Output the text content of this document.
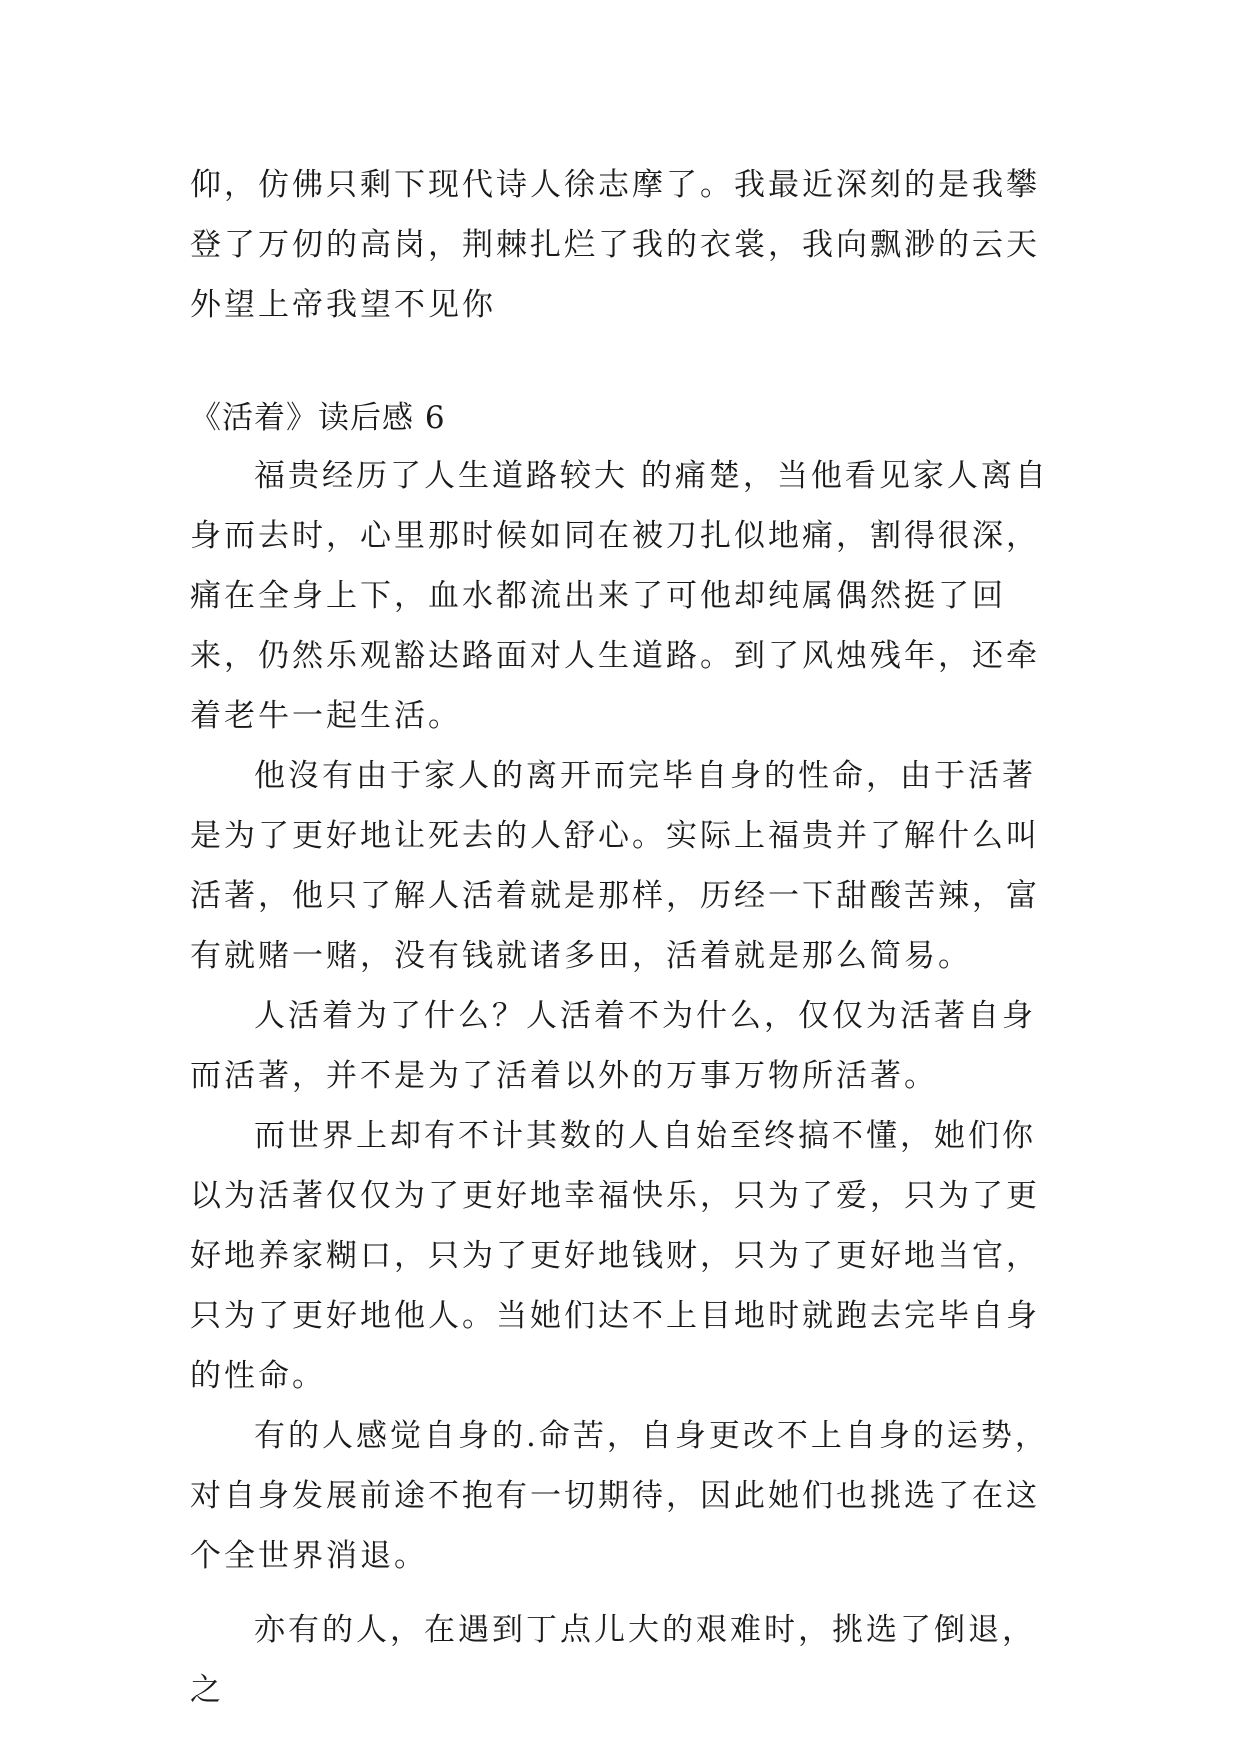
仰，仿佛只剩下现代诗人徐志摩了。我最近深刻的是我攀登了万仞的高岗，荆棘扎烂了我的衣裳，我向飘渺的云天外望上帝我望不见你

《活着》读后感 6

福贵经历了人生道路较大 的痛楚，当他看见家人离自身而去时，心里那时候如同在被刀扎似地痛，割得很深，痛在全身上下，血水都流出来了可他却纯属偶然挺了回来，仍然乐观豁达路面对人生道路。到了风烛残年，还牵着老牛一起生活。

他沒有由于家人的离开而完毕自身的性命，由于活著是为了更好地让死去的人舒心。实际上福贵并了解什么叫活著，他只了解人活着就是那样，历经一下甜酸苦辣，富有就赌一赌，没有钱就诸多田，活着就是那么简易。

人活着为了什么？人活着不为什么，仅仅为活著自身而活著，并不是为了活着以外的万事万物所活著。

而世界上却有不计其数的人自始至终搞不懂，她们你以为活著仅仅为了更好地幸福快乐，只为了爱，只为了更好地养家糊口，只为了更好地钱财，只为了更好地当官，只为了更好地他人。当她们达不上目地时就跑去完毕自身的性命。

有的人感觉自身的.命苦，自身更改不上自身的运势，对自身发展前途不抱有一切期待，因此她们也挑选了在这个全世界消退。

亦有的人，在遇到丁点儿大的艰难时，挑选了倒退，之
